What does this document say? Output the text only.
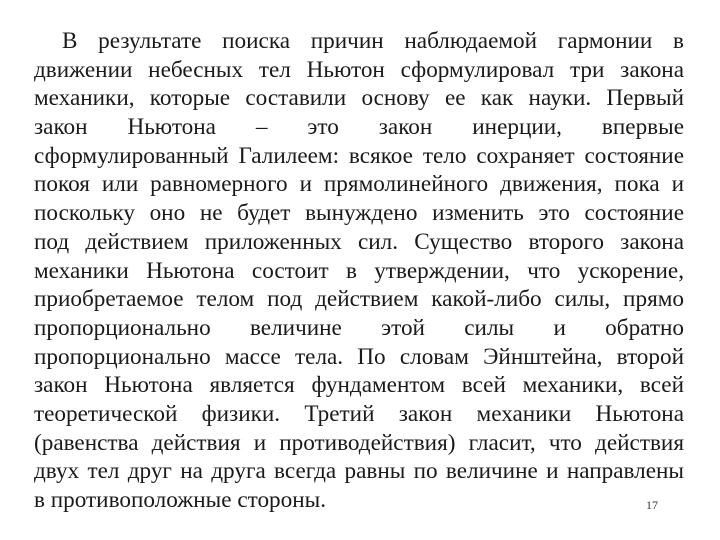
В результате поиска причин наблюдаемой гармонии в
движении небесных тел Ньютон сформулировал три закона
механики, которые составили основу ее как науки. Первый
закон Ньютона – это закон инерции, впервые
сформулированный Галилеем: всякое тело сохраняет состояние
покоя или равномерного и прямолинейного движения, пока и
поскольку оно не будет вынуждено изменить это состояние
под действием приложенных сил. Существо второго закона
механики Ньютона состоит в утверждении, что ускорение,
приобретаемое телом под действием какой-либо силы, прямо
пропорционально величине этой силы и обратно
пропорционально массе тела. По словам Эйнштейна, второй
закон Ньютона является фундаментом всей механики, всей
теоретической физики. Третий закон механики Ньютона
(равенства действия и противодействия) гласит, что действия
двух тел друг на друга всегда равны по величине и направлены
в противоположные стороны.	17
